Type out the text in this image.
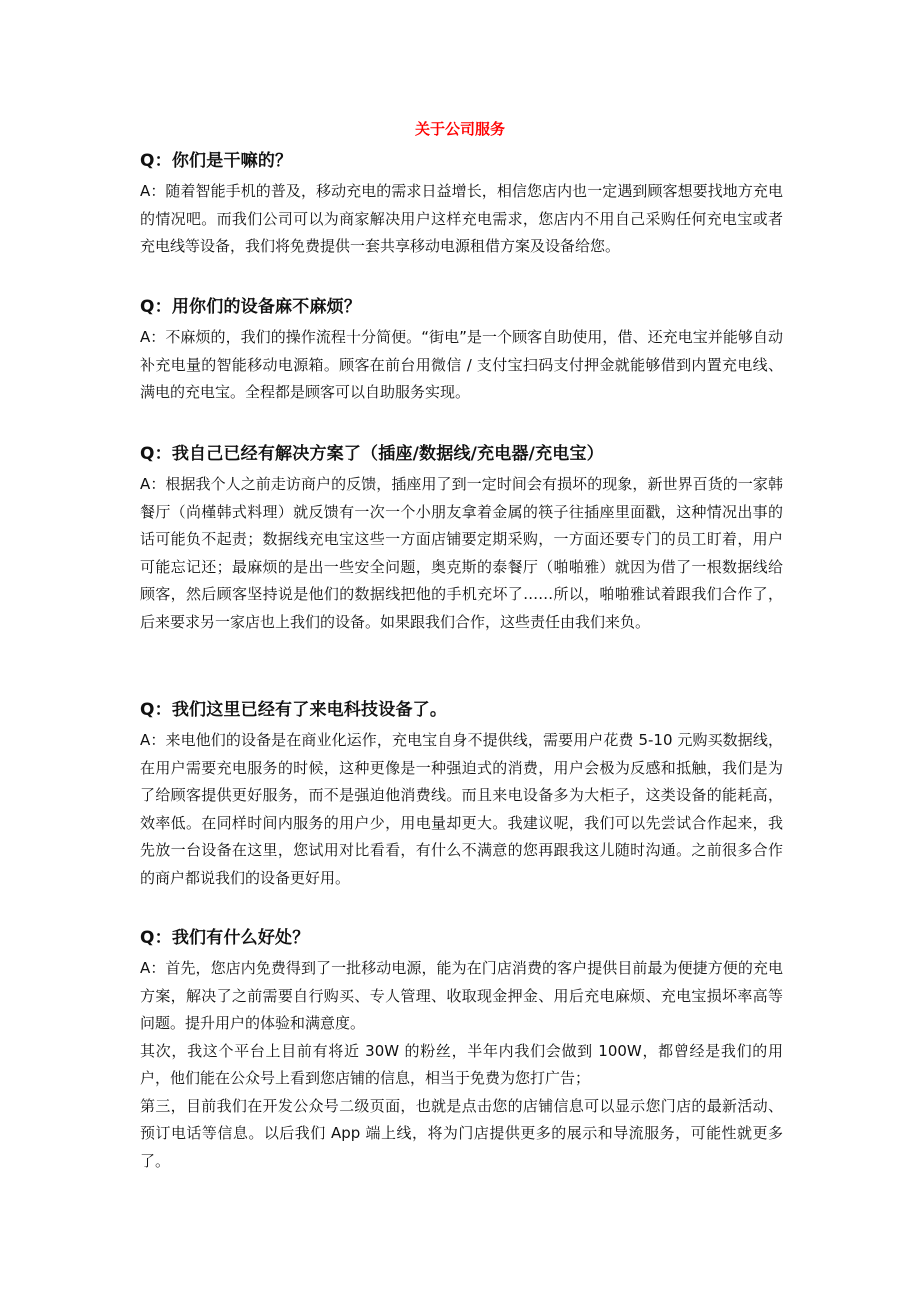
关于公司服务
Q：你们是干嘛的？

A：随着智能手机的普及，移动充电的需求日益增长，相信您店内也一定遇到顾客想要找地方充电的情况吧。而我们公司可以为商家解决用户这样充电需求，您店内不用自己采购任何充电宝或者充电线等设备，我们将免费提供一套共享移动电源租借方案及设备给您。

Q：用你们的设备麻不麻烦？

A：不麻烦的，我们的操作流程十分简便。“街电”是一个顾客自助使用，借、还充电宝并能够自动补充电量的智能移动电源箱。顾客在前台用微信 / 支付宝扫码支付押金就能够借到内置充电线、满电的充电宝。全程都是顾客可以自助服务实现。

Q：我自己已经有解决方案了（插座/数据线/充电器/充电宝）

A：根据我个人之前走访商户的反馈，插座用了到一定时间会有损坏的现象，新世界百货的一家韩餐厅（尚槿韩式料理）就反馈有一次一个小朋友拿着金属的筷子往插座里面戳，这种情况出事的话可能负不起责；数据线充电宝这些一方面店铺要定期采购，一方面还要专门的员工盯着，用户可能忘记还；最麻烦的是出一些安全问题，奥克斯的泰餐厅（啪啪雅）就因为借了一根数据线给顾客，然后顾客坚持说是他们的数据线把他的手机充坏了……所以，啪啪雅试着跟我们合作了，后来要求另一家店也上我们的设备。如果跟我们合作，这些责任由我们来负。

Q：我们这里已经有了来电科技设备了。

A：来电他们的设备是在商业化运作，充电宝自身不提供线，需要用户花费 5-10 元购买数据线，在用户需要充电服务的时候，这种更像是一种强迫式的消费，用户会极为反感和抵触，我们是为了给顾客提供更好服务，而不是强迫他消费线。而且来电设备多为大柜子，这类设备的能耗高，效率低。在同样时间内服务的用户少，用电量却更大。我建议呢，我们可以先尝试合作起来，我先放一台设备在这里，您试用对比看看，有什么不满意的您再跟我这儿随时沟通。之前很多合作的商户都说我们的设备更好用。

Q：我们有什么好处？

A：首先，您店内免费得到了一批移动电源，能为在门店消费的客户提供目前最为便捷方便的充电方案，解决了之前需要自行购买、专人管理、收取现金押金、用后充电麻烦、充电宝损坏率高等问题。提升用户的体验和满意度。

其次，我这个平台上目前有将近 30W 的粉丝，半年内我们会做到 100W，都曾经是我们的用户，他们能在公众号上看到您店铺的信息，相当于免费为您打广告；

第三，目前我们在开发公众号二级页面，也就是点击您的店铺信息可以显示您门店的最新活动、预订电话等信息。以后我们 App 端上线，将为门店提供更多的展示和导流服务，可能性就更多了。
